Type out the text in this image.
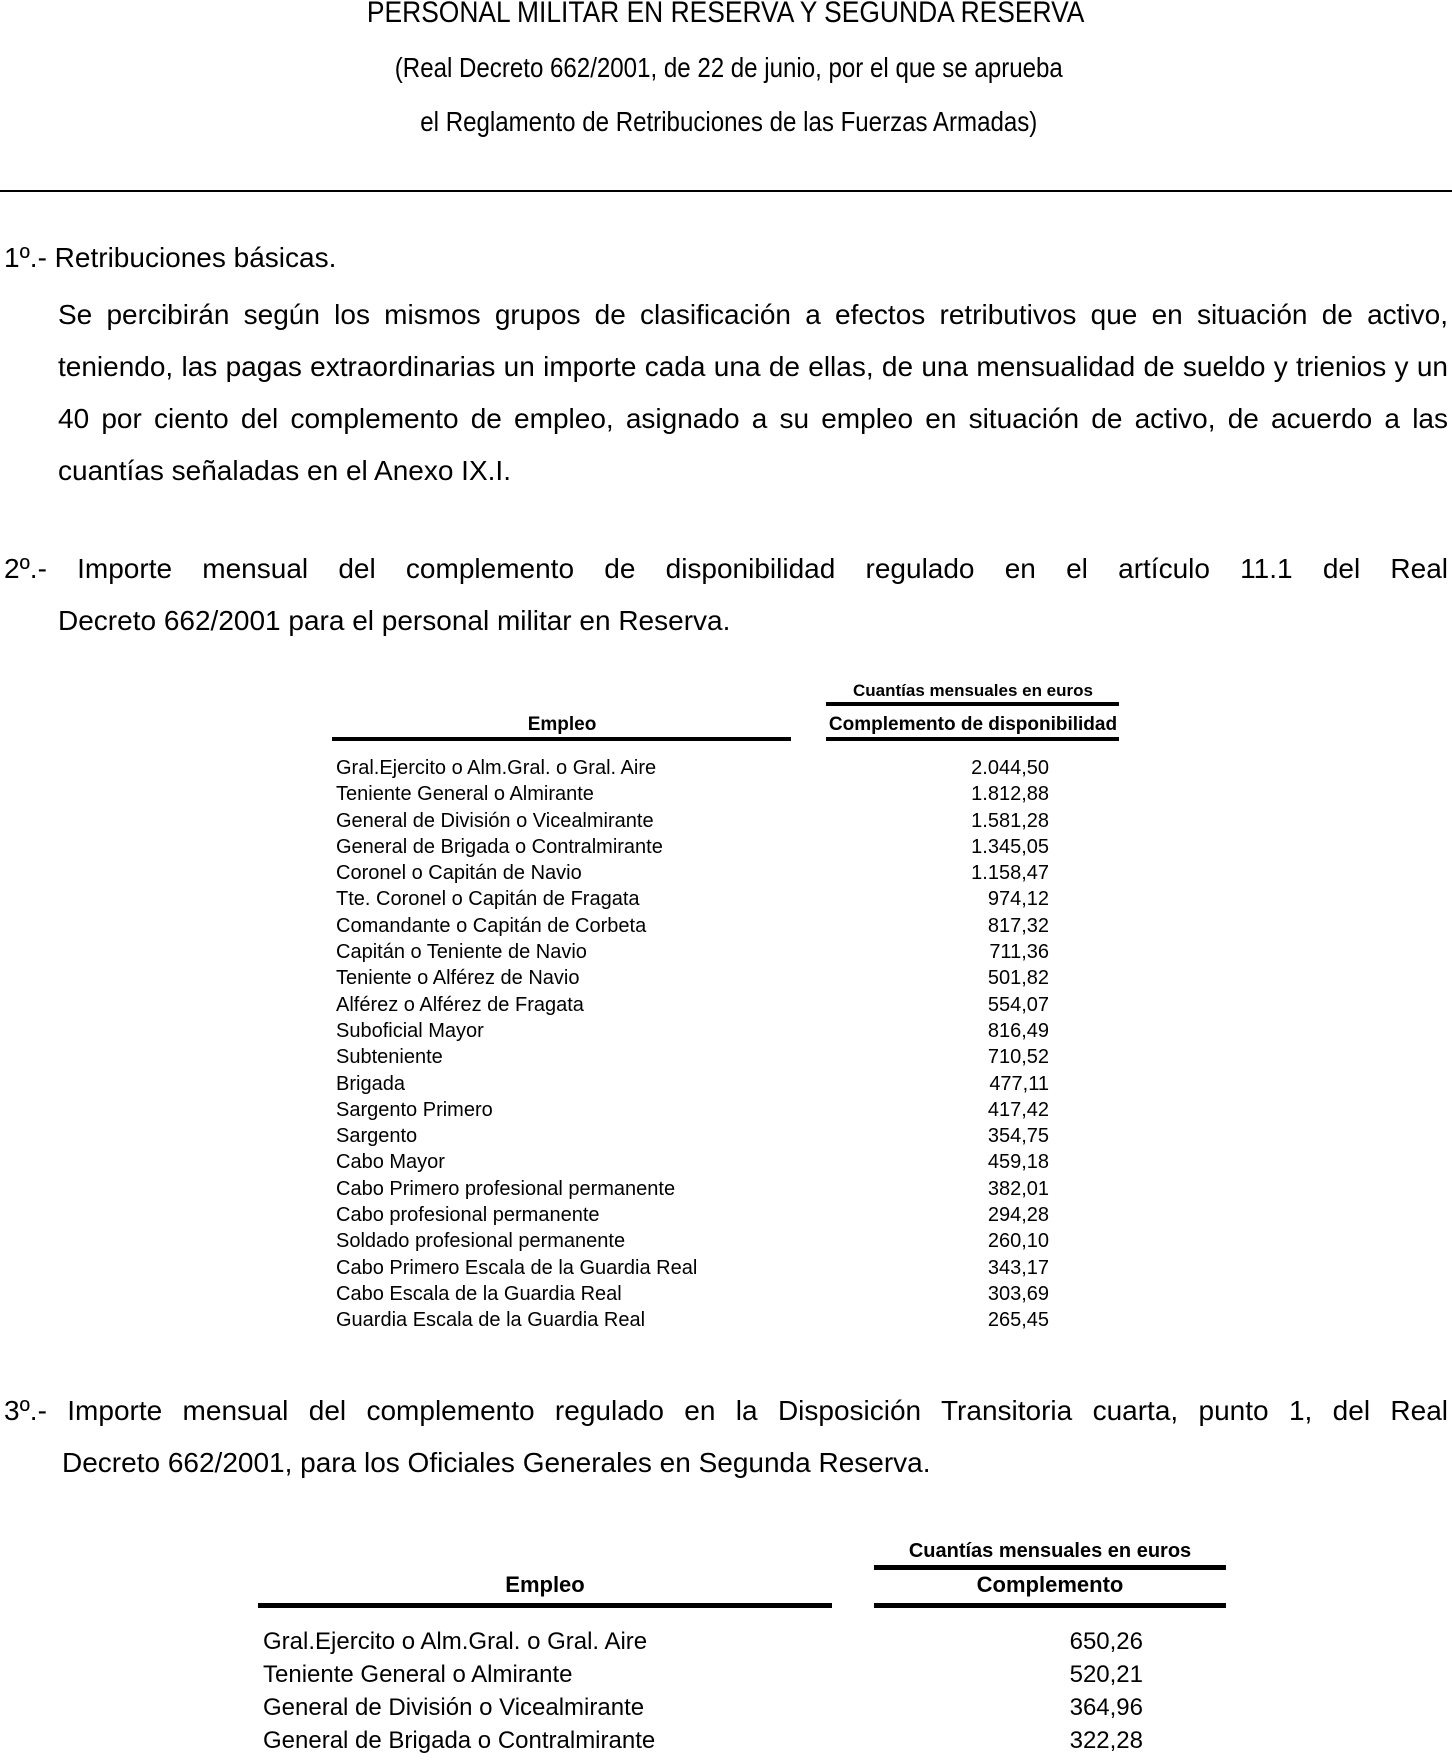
PERSONAL MILITAR EN RESERVA Y SEGUNDA RESERVA
(Real Decreto 662/2001, de 22 de junio, por el que se aprueba
el Reglamento de Retribuciones de las Fuerzas Armadas)
1º.- Retribuciones básicas.
Se percibirán según los mismos grupos de clasificación a efectos retributivos que en situación de activo, teniendo, las pagas extraordinarias un importe cada una de ellas, de una mensualidad de sueldo y trienios y un 40 por ciento del complemento de empleo, asignado a su empleo en situación de activo, de acuerdo a las cuantías señaladas en el Anexo IX.I.
2º.- Importe mensual del complemento de disponibilidad regulado en el artículo 11.1 del Real
Decreto 662/2001 para el personal militar en Reserva.
Cuantías mensuales en euros
Empleo	Complemento de disponibilidad
Gral.Ejercito o Alm.Gral. o Gral. Aire	2.044,50
Teniente General o Almirante	1.812,88
General de División o Vicealmirante	1.581,28
General de Brigada o Contralmirante	1.345,05
Coronel o Capitán de Navio	1.158,47
Tte. Coronel o Capitán de Fragata	974,12
Comandante o Capitán de Corbeta	817,32
Capitán o Teniente de Navio	711,36
Teniente o Alférez de Navio	501,82
Alférez o Alférez de Fragata	554,07
Suboficial Mayor	816,49
Subteniente	710,52
Brigada	477,11
Sargento Primero	417,42
Sargento	354,75
Cabo Mayor	459,18
Cabo Primero profesional permanente	382,01
Cabo profesional permanente	294,28
Soldado profesional permanente	260,10
Cabo Primero Escala de la Guardia Real	343,17
Cabo Escala de la Guardia Real	303,69
Guardia Escala de la Guardia Real	265,45
3º.- Importe mensual del complemento regulado en la Disposición Transitoria cuarta, punto 1, del Real
Decreto 662/2001, para los Oficiales Generales en Segunda Reserva.
Cuantías mensuales en euros
Empleo	Complemento
Gral.Ejercito o Alm.Gral. o Gral. Aire	650,26
Teniente General o Almirante	520,21
General de División o Vicealmirante	364,96
General de Brigada o Contralmirante	322,28
